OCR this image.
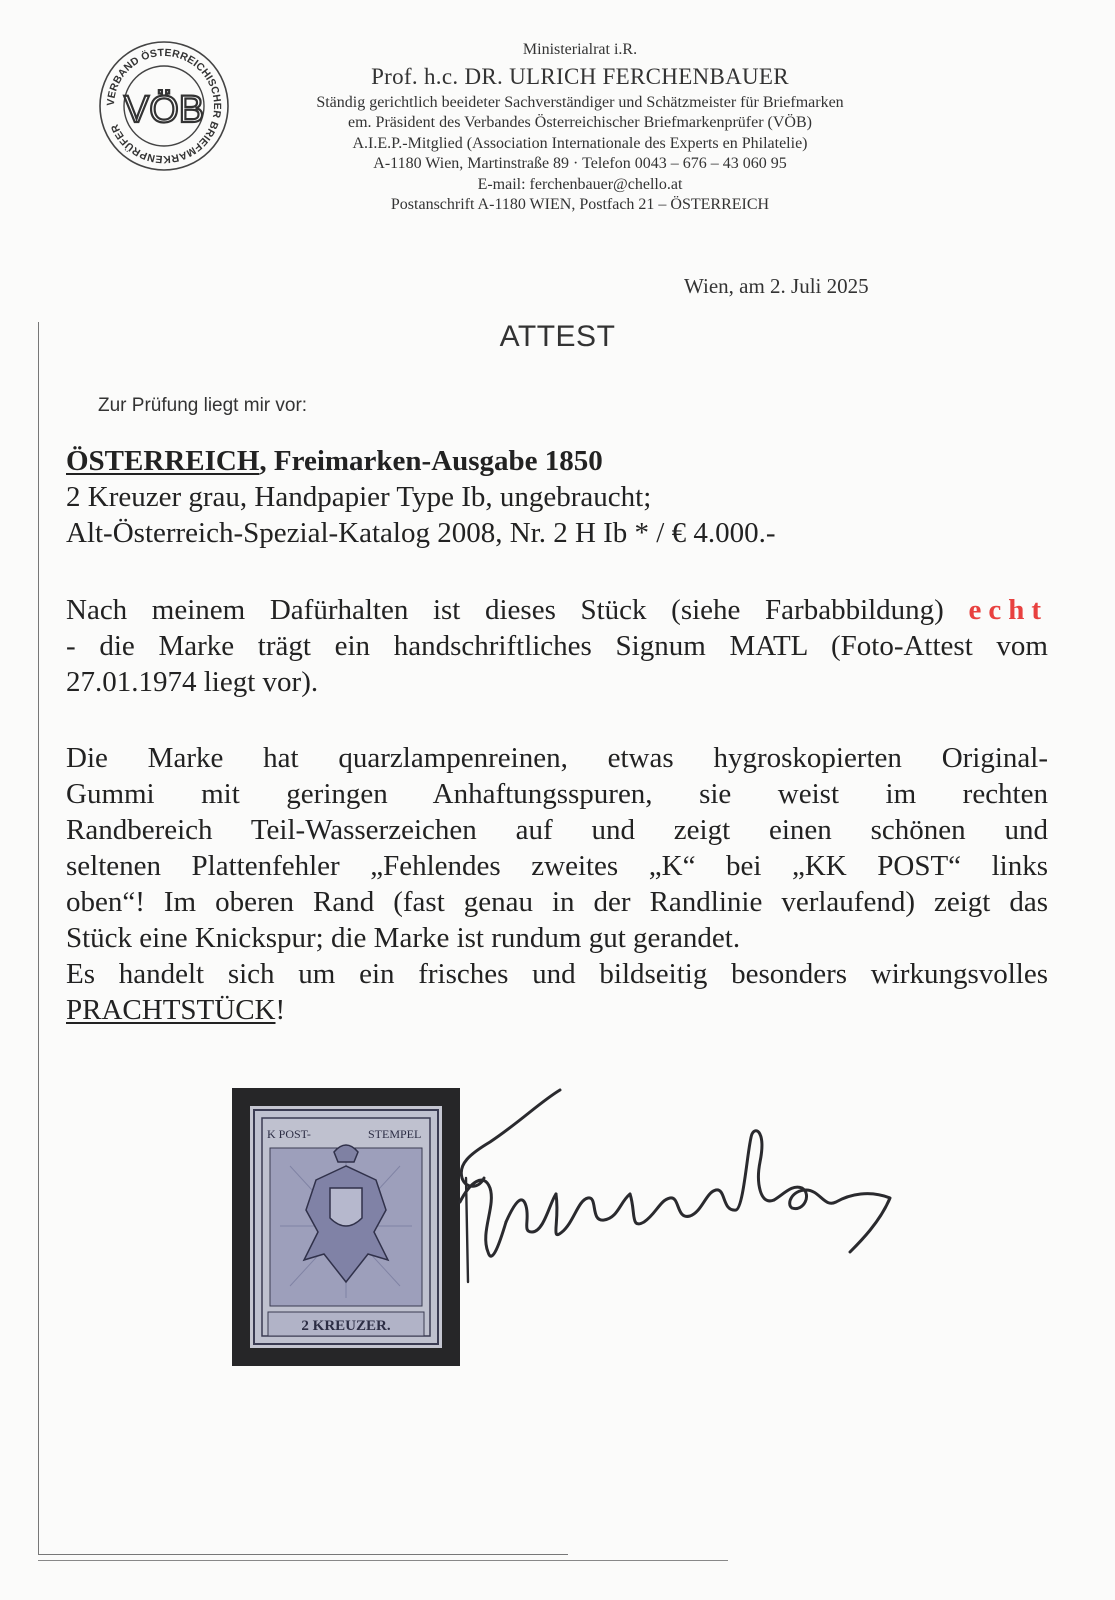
VERBAND ÖSTERREICHISCHER BRIEFMARKENPRÜFER VÖB
Ministerialrat i.R.
Prof. h.c. DR. ULRICH FERCHENBAUER
Ständig gerichtlich beeideter Sachverständiger und Schätzmeister für Briefmarken
em. Präsident des Verbandes Österreichischer Briefmarkenprüfer (VÖB)
A.I.E.P.-Mitglied (Association Internationale des Experts en Philatelie)
A-1180 Wien, Martinstraße 89 · Telefon 0043 – 676 – 43 060 95
E-mail: ferchenbauer@chello.at
Postanschrift A-1180 WIEN, Postfach 21 – ÖSTERREICH
Wien, am 2. Juli 2025
ATTEST
Zur Prüfung liegt mir vor:
ÖSTERREICH, Freimarken-Ausgabe 1850
2 Kreuzer grau, Handpapier Type Ib, ungebraucht;
Alt-Österreich-Spezial-Katalog 2008, Nr. 2 H Ib * / € 4.000.-
Nach meinem Dafürhalten ist dieses Stück (siehe Farbabbildung) echt
- die Marke trägt ein handschriftliches Signum MATL (Foto-Attest vom
27.01.1974 liegt vor).
Die Marke hat quarzlampenreinen, etwas hygroskopierten Original-
Gummi mit geringen Anhaftungsspuren, sie weist im rechten
Randbereich Teil-Wasserzeichen auf und zeigt einen schönen und
seltenen Plattenfehler „Fehlendes zweites „K“ bei „KK POST“ links
oben“! Im oberen Rand (fast genau in der Randlinie verlaufend) zeigt das
Stück eine Knickspur; die Marke ist rundum gut gerandet.
Es handelt sich um ein frisches und bildseitig besonders wirkungsvolles
PRACHTSTÜCK!
K POST-	STEMPEL
2 KREUZER.
